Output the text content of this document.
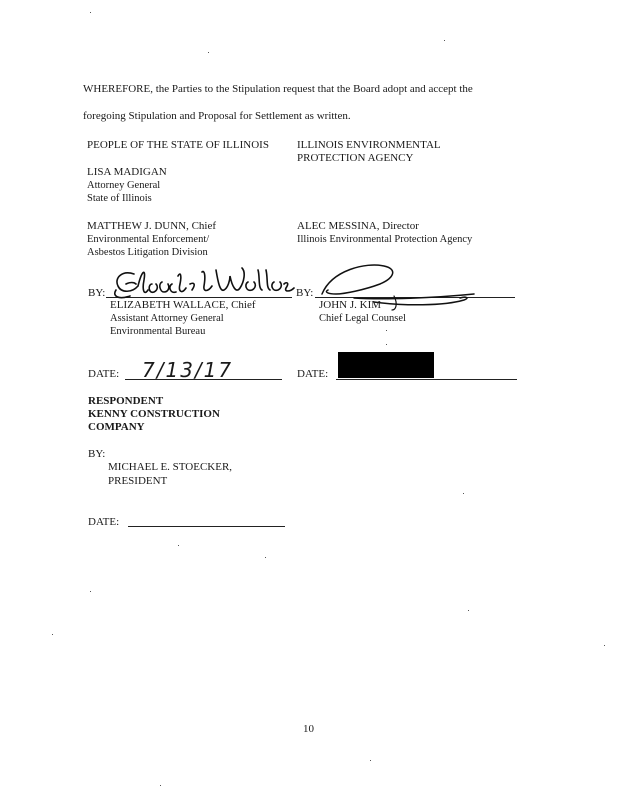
WHEREFORE, the Parties to the Stipulation request that the Board adopt and accept the
foregoing Stipulation and Proposal for Settlement as written.
PEOPLE OF THE STATE OF ILLINOIS
LISA MADIGAN
Attorney General
State of Illinois
MATTHEW J. DUNN, Chief
Environmental Enforcement/
Asbestos Litigation Division
BY:
ELIZABETH WALLACE, Chief
Assistant Attorney General
Environmental Bureau
DATE: 7/13/17
ILLINOIS ENVIRONMENTAL
PROTECTION AGENCY
ALEC MESSINA, Director
Illinois Environmental Protection Agency
BY:
JOHN J. KIM
Chief Legal Counsel
DATE:
RESPONDENT
KENNY CONSTRUCTION
COMPANY
BY:
MICHAEL E. STOECKER,
PRESIDENT
DATE:
10
